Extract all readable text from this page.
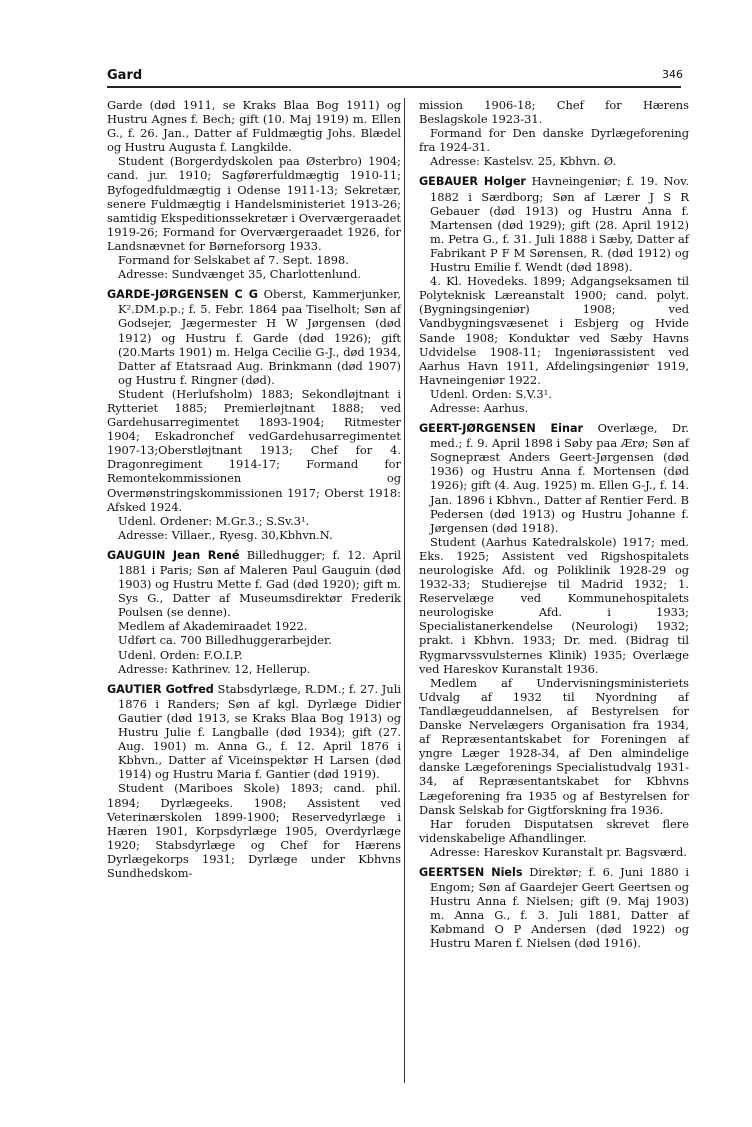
Gard	346

Garde (død 1911, se Kraks Blaa Bog 1911) og Hustru Agnes f. Bech; gift (10. Maj 1919) m. Ellen G., f. 26. Jan., Datter af Fuldmægtig Johs. Blædel og Hustru Augusta f. Langkilde.

Student (Borgerdydskolen paa Østerbro) 1904; cand. jur. 1910; Sagførerfuldmægtig 1910-11; Byfogedfuldmægtig i Odense 1911-13; Sekretær, senere Fuldmægtig i Handelsministeriet 1913-26; samtidig Ekspeditionssekretær i Overværgeraadet 1919-26; Formand for Overværgeraadet 1926, for Landsnævnet for Børneforsorg 1933.

Formand for Selskabet af 7. Sept. 1898.

Adresse: Sundvænget 35, Charlottenlund.

GARDE-JØRGENSEN C G Oberst, Kammerjunker, K².DM.p.p.; f. 5. Febr. 1864 paa Tiselholt; Søn af Godsejer, Jægermester H W Jørgensen (død 1912) og Hustru f. Garde (død 1926); gift (20.Marts 1901) m. Helga Cecilie G-J., død 1934, Datter af Etatsraad Aug. Brinkmann (død 1907) og Hustru f. Ringner (død).

Student (Herlufsholm) 1883; Sekondløjtnant i Rytteriet 1885; Premierløjtnant 1888; ved Gardehusarregimentet 1893-1904; Ritmester 1904; Eskadronchef vedGardehusarregimentet 1907-13;Oberstløjtnant 1913; Chef for 4. Dragonregiment 1914-17; Formand for Remontekommissionen og Overmønstringskommissionen 1917; Oberst 1918: Afsked 1924.

Udenl. Ordener: M.Gr.3.; S.Sv.3¹.

Adresse: Villaer., Ryesg. 30,Kbhvn.N.

GAUGUIN Jean René Billedhugger; f. 12. April 1881 i Paris; Søn af Maleren Paul Gauguin (død 1903) og Hustru Mette f. Gad (død 1920); gift m. Sys G., Datter af Museumsdirektør Frederik Poulsen (se denne).

Medlem af Akademiraadet 1922.

Udført ca. 700 Billedhuggerarbejder.

Udenl. Orden: F.O.I.P.

Adresse: Kathrinev. 12, Hellerup.

GAUTIER Gotfred Stabsdyrlæge, R.DM.; f. 27. Juli 1876 i Randers; Søn af kgl. Dyrlæge Didier Gautier (død 1913, se Kraks Blaa Bog 1913) og Hustru Julie f. Langballe (død 1934); gift (27. Aug. 1901) m. Anna G., f. 12. April 1876 i Kbhvn., Datter af Viceinspektør H Larsen (død 1914) og Hustru Maria f. Gantier (død 1919).

Student (Mariboes Skole) 1893; cand. phil. 1894; Dyrlægeeks. 1908; Assistent ved Veterinærskolen 1899-1900; Reservedyrlæge i Hæren 1901, Korpsdyrlæge 1905, Overdyrlæge 1920; Stabsdyrlæge og Chef for Hærens Dyrlægekorps 1931; Dyrlæge under Kbhvns Sundhedskom-

mission 1906-18; Chef for Hærens Beslagskole 1923-31.

Formand for Den danske Dyrlægeforening fra 1924-31.

Adresse: Kastelsv. 25, Kbhvn. Ø.

GEBAUER Holger Havneingeniør; f. 19. Nov. 1882 i Særdborg; Søn af Lærer J S R Gebauer (død 1913) og Hustru Anna f. Martensen (død 1929); gift (28. April 1912) m. Petra G., f. 31. Juli 1888 i Sæby, Datter af Fabrikant P F M Sørensen, R. (død 1912) og Hustru Emilie f. Wendt (død 1898).

4. Kl. Hovedeks. 1899; Adgangseksamen til Polyteknisk Læreanstalt 1900; cand. polyt. (Bygningsingeniør) 1908; ved Vandbygningsvæsenet i Esbjerg og Hvide Sande 1908; Konduktør ved Sæby Havns Udvidelse 1908-11; Ingeniørassistent ved Aarhus Havn 1911, Afdelingsingeniør 1919, Havneingeniør 1922.

Udenl. Orden: S.V.3¹.

Adresse: Aarhus.

GEERT-JØRGENSEN Einar Overlæge, Dr. med.; f. 9. April 1898 i Søby paa Ærø; Søn af Sognepræst Anders Geert-Jørgensen (død 1936) og Hustru Anna f. Mortensen (død 1926); gift (4. Aug. 1925) m. Ellen G-J., f. 14. Jan. 1896 i Kbhvn., Datter af Rentier Ferd. B Pedersen (død 1913) og Hustru Johanne f. Jørgensen (død 1918).

Student (Aarhus Katedralskole) 1917; med. Eks. 1925; Assistent ved Rigshospitalets neurologiske Afd. og Poliklinik 1928-29 og 1932-33; Studierejse til Madrid 1932; 1. Reservelæge ved Kommunehospitalets neurologiske Afd. i 1933; Specialistanerkendelse (Neurologi) 1932; prakt. i Kbhvn. 1933; Dr. med. (Bidrag til Rygmarvssvulsternes Klinik) 1935; Overlæge ved Hareskov Kuranstalt 1936.

Medlem af Undervisningsministeriets Udvalg af 1932 til Nyordning af Tandlægeuddannelsen, af Bestyrelsen for Danske Nervelægers Organisation fra 1934, af Repræsentantskabet for Foreningen af yngre Læger 1928-34, af Den almindelige danske Lægeforenings Specialistudvalg 1931-34, af Repræsentantskabet for Kbhvns Lægeforening fra 1935 og af Bestyrelsen for Dansk Selskab for Gigtforskning fra 1936.

Har foruden Disputatsen skrevet flere videnskabelige Afhandlinger.

Adresse: Hareskov Kuranstalt pr. Bagsværd.

GEERTSEN Niels Direktør; f. 6. Juni 1880 i Engom; Søn af Gaardejer Geert Geertsen og Hustru Anna f. Nielsen; gift (9. Maj 1903) m. Anna G., f. 3. Juli 1881, Datter af Købmand O P Andersen (død 1922) og Hustru Maren f. Nielsen (død 1916).
